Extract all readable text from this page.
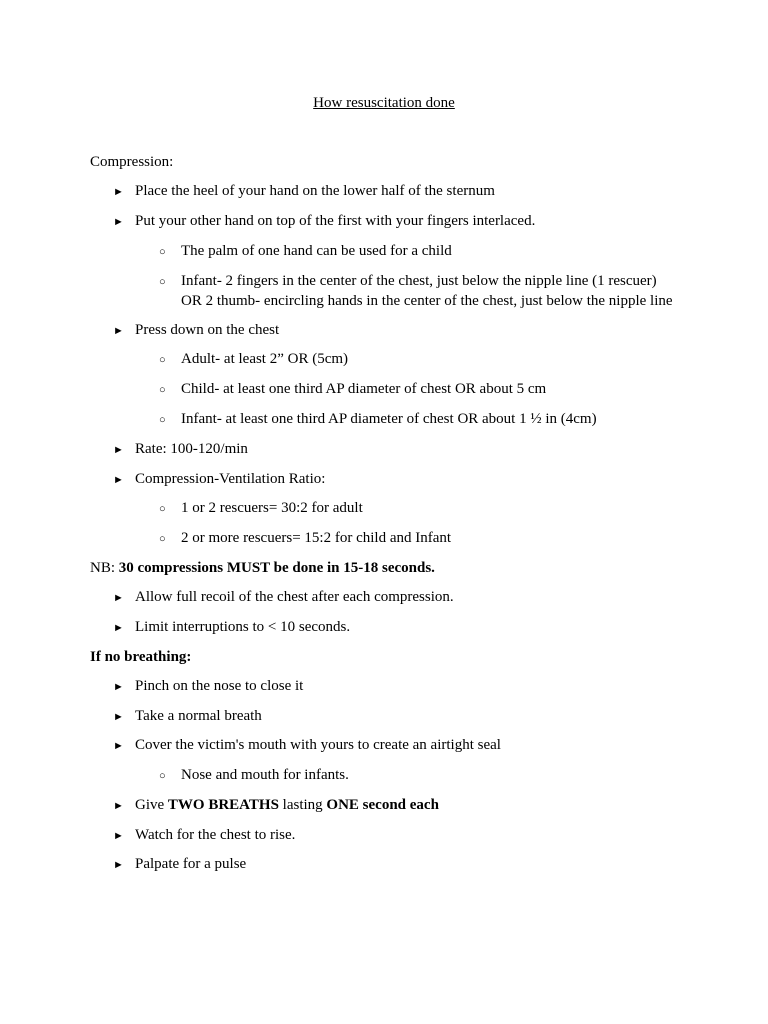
How resuscitation done
Compression:
► Place the heel of your hand on the lower half of the sternum
► Put your other hand on top of the first with your fingers interlaced.
○ The palm of one hand can be used for a child
○ Infant- 2 fingers in the center of the chest, just below the nipple line (1 rescuer)
OR 2 thumb- encircling hands in the center of the chest, just below the nipple line
► Press down on the chest
○ Adult- at least 2” OR (5cm)
○ Child- at least one third AP diameter of chest OR about 5 cm
○ Infant- at least one third AP diameter of chest OR about 1 ½ in (4cm)
► Rate: 100-120/min
► Compression-Ventilation Ratio:
○ 1 or 2 rescuers= 30:2 for adult
○ 2 or more rescuers= 15:2 for child and Infant
NB: 30 compressions MUST be done in 15-18 seconds.
► Allow full recoil of the chest after each compression.
► Limit interruptions to < 10 seconds.
If no breathing:
► Pinch on the nose to close it
► Take a normal breath
► Cover the victim's mouth with yours to create an airtight seal
○ Nose and mouth for infants.
► Give TWO BREATHS lasting ONE second each
► Watch for the chest to rise.
► Palpate for a pulse
